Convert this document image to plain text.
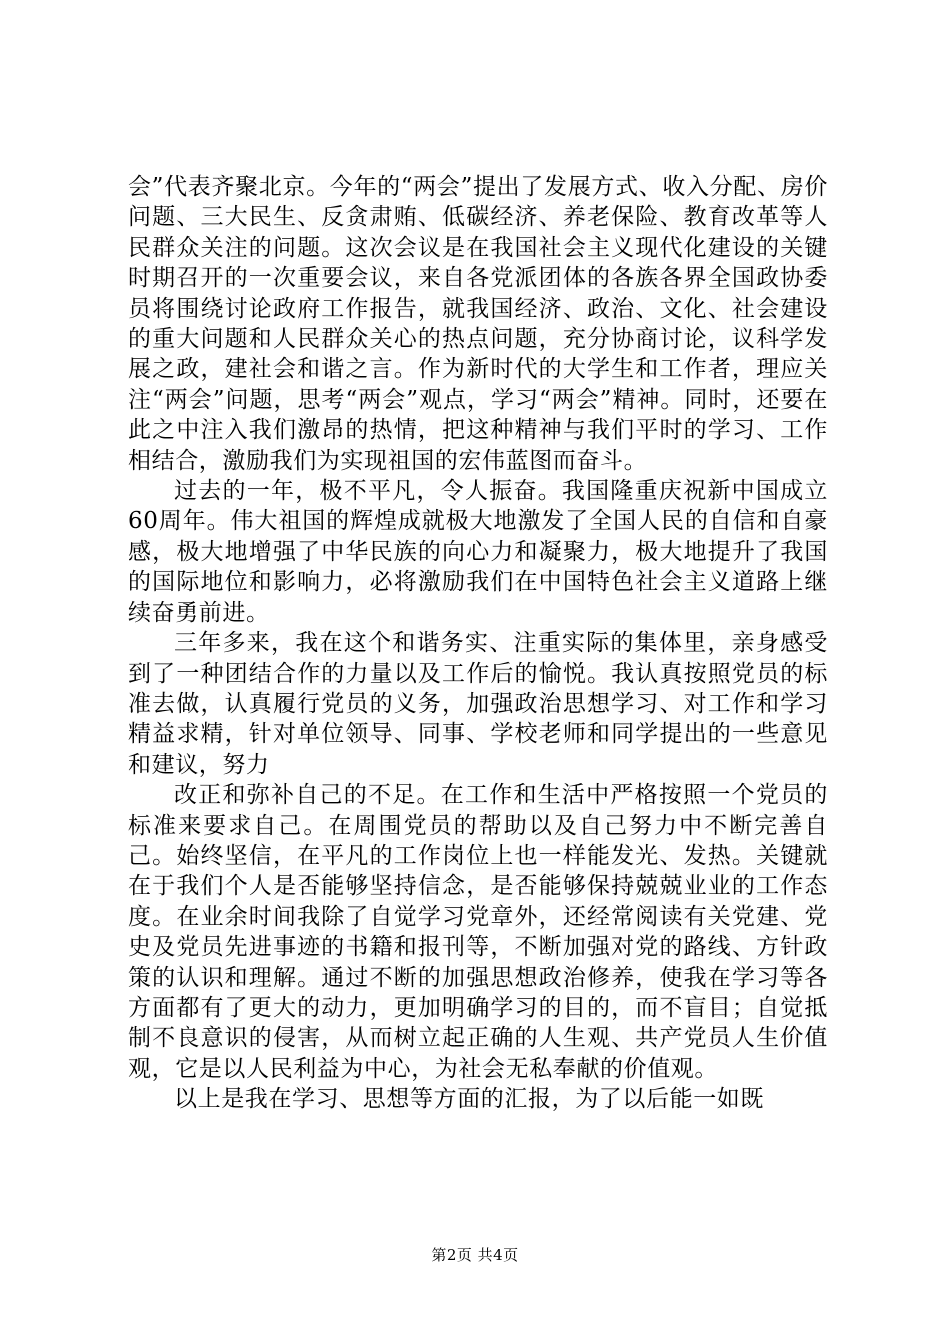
会”代表齐聚北京。今年的“两会”提出了发展方式、收入分配、房价问题、三大民生、反贪肃贿、低碳经济、养老保险、教育改革等人民群众关注的问题。这次会议是在我国社会主义现代化建设的关键时期召开的一次重要会议，来自各党派团体的各族各界全国政协委员将围绕讨论政府工作报告，就我国经济、政治、文化、社会建设的重大问题和人民群众关心的热点问题，充分协商讨论，议科学发展之政，建社会和谐之言。作为新时代的大学生和工作者，理应关注“两会”问题，思考“两会”观点，学习“两会”精神。同时，还要在此之中注入我们激昂的热情，把这种精神与我们平时的学习、工作相结合，激励我们为实现祖国的宏伟蓝图而奋斗。

过去的一年，极不平凡，令人振奋。我国隆重庆祝新中国成立60周年。伟大祖国的辉煌成就极大地激发了全国人民的自信和自豪感，极大地增强了中华民族的向心力和凝聚力，极大地提升了我国的国际地位和影响力，必将激励我们在中国特色社会主义道路上继续奋勇前进。

三年多来，我在这个和谐务实、注重实际的集体里，亲身感受到了一种团结合作的力量以及工作后的愉悦。我认真按照党员的标准去做，认真履行党员的义务，加强政治思想学习、对工作和学习精益求精，针对单位领导、同事、学校老师和同学提出的一些意见和建议，努力

改正和弥补自己的不足。在工作和生活中严格按照一个党员的标准来要求自己。在周围党员的帮助以及自己努力中不断完善自己。始终坚信，在平凡的工作岗位上也一样能发光、发热。关键就在于我们个人是否能够坚持信念，是否能够保持兢兢业业的工作态度。在业余时间我除了自觉学习党章外，还经常阅读有关党建、党史及党员先进事迹的书籍和报刊等，不断加强对党的路线、方针政策的认识和理解。通过不断的加强思想政治修养，使我在学习等各方面都有了更大的动力，更加明确学习的目的，而不盲目；自觉抵制不良意识的侵害，从而树立起正确的人生观、共产党员人生价值观，它是以人民利益为中心，为社会无私奉献的价值观。

以上是我在学习、思想等方面的汇报，为了以后能一如既

第2页 共4页
